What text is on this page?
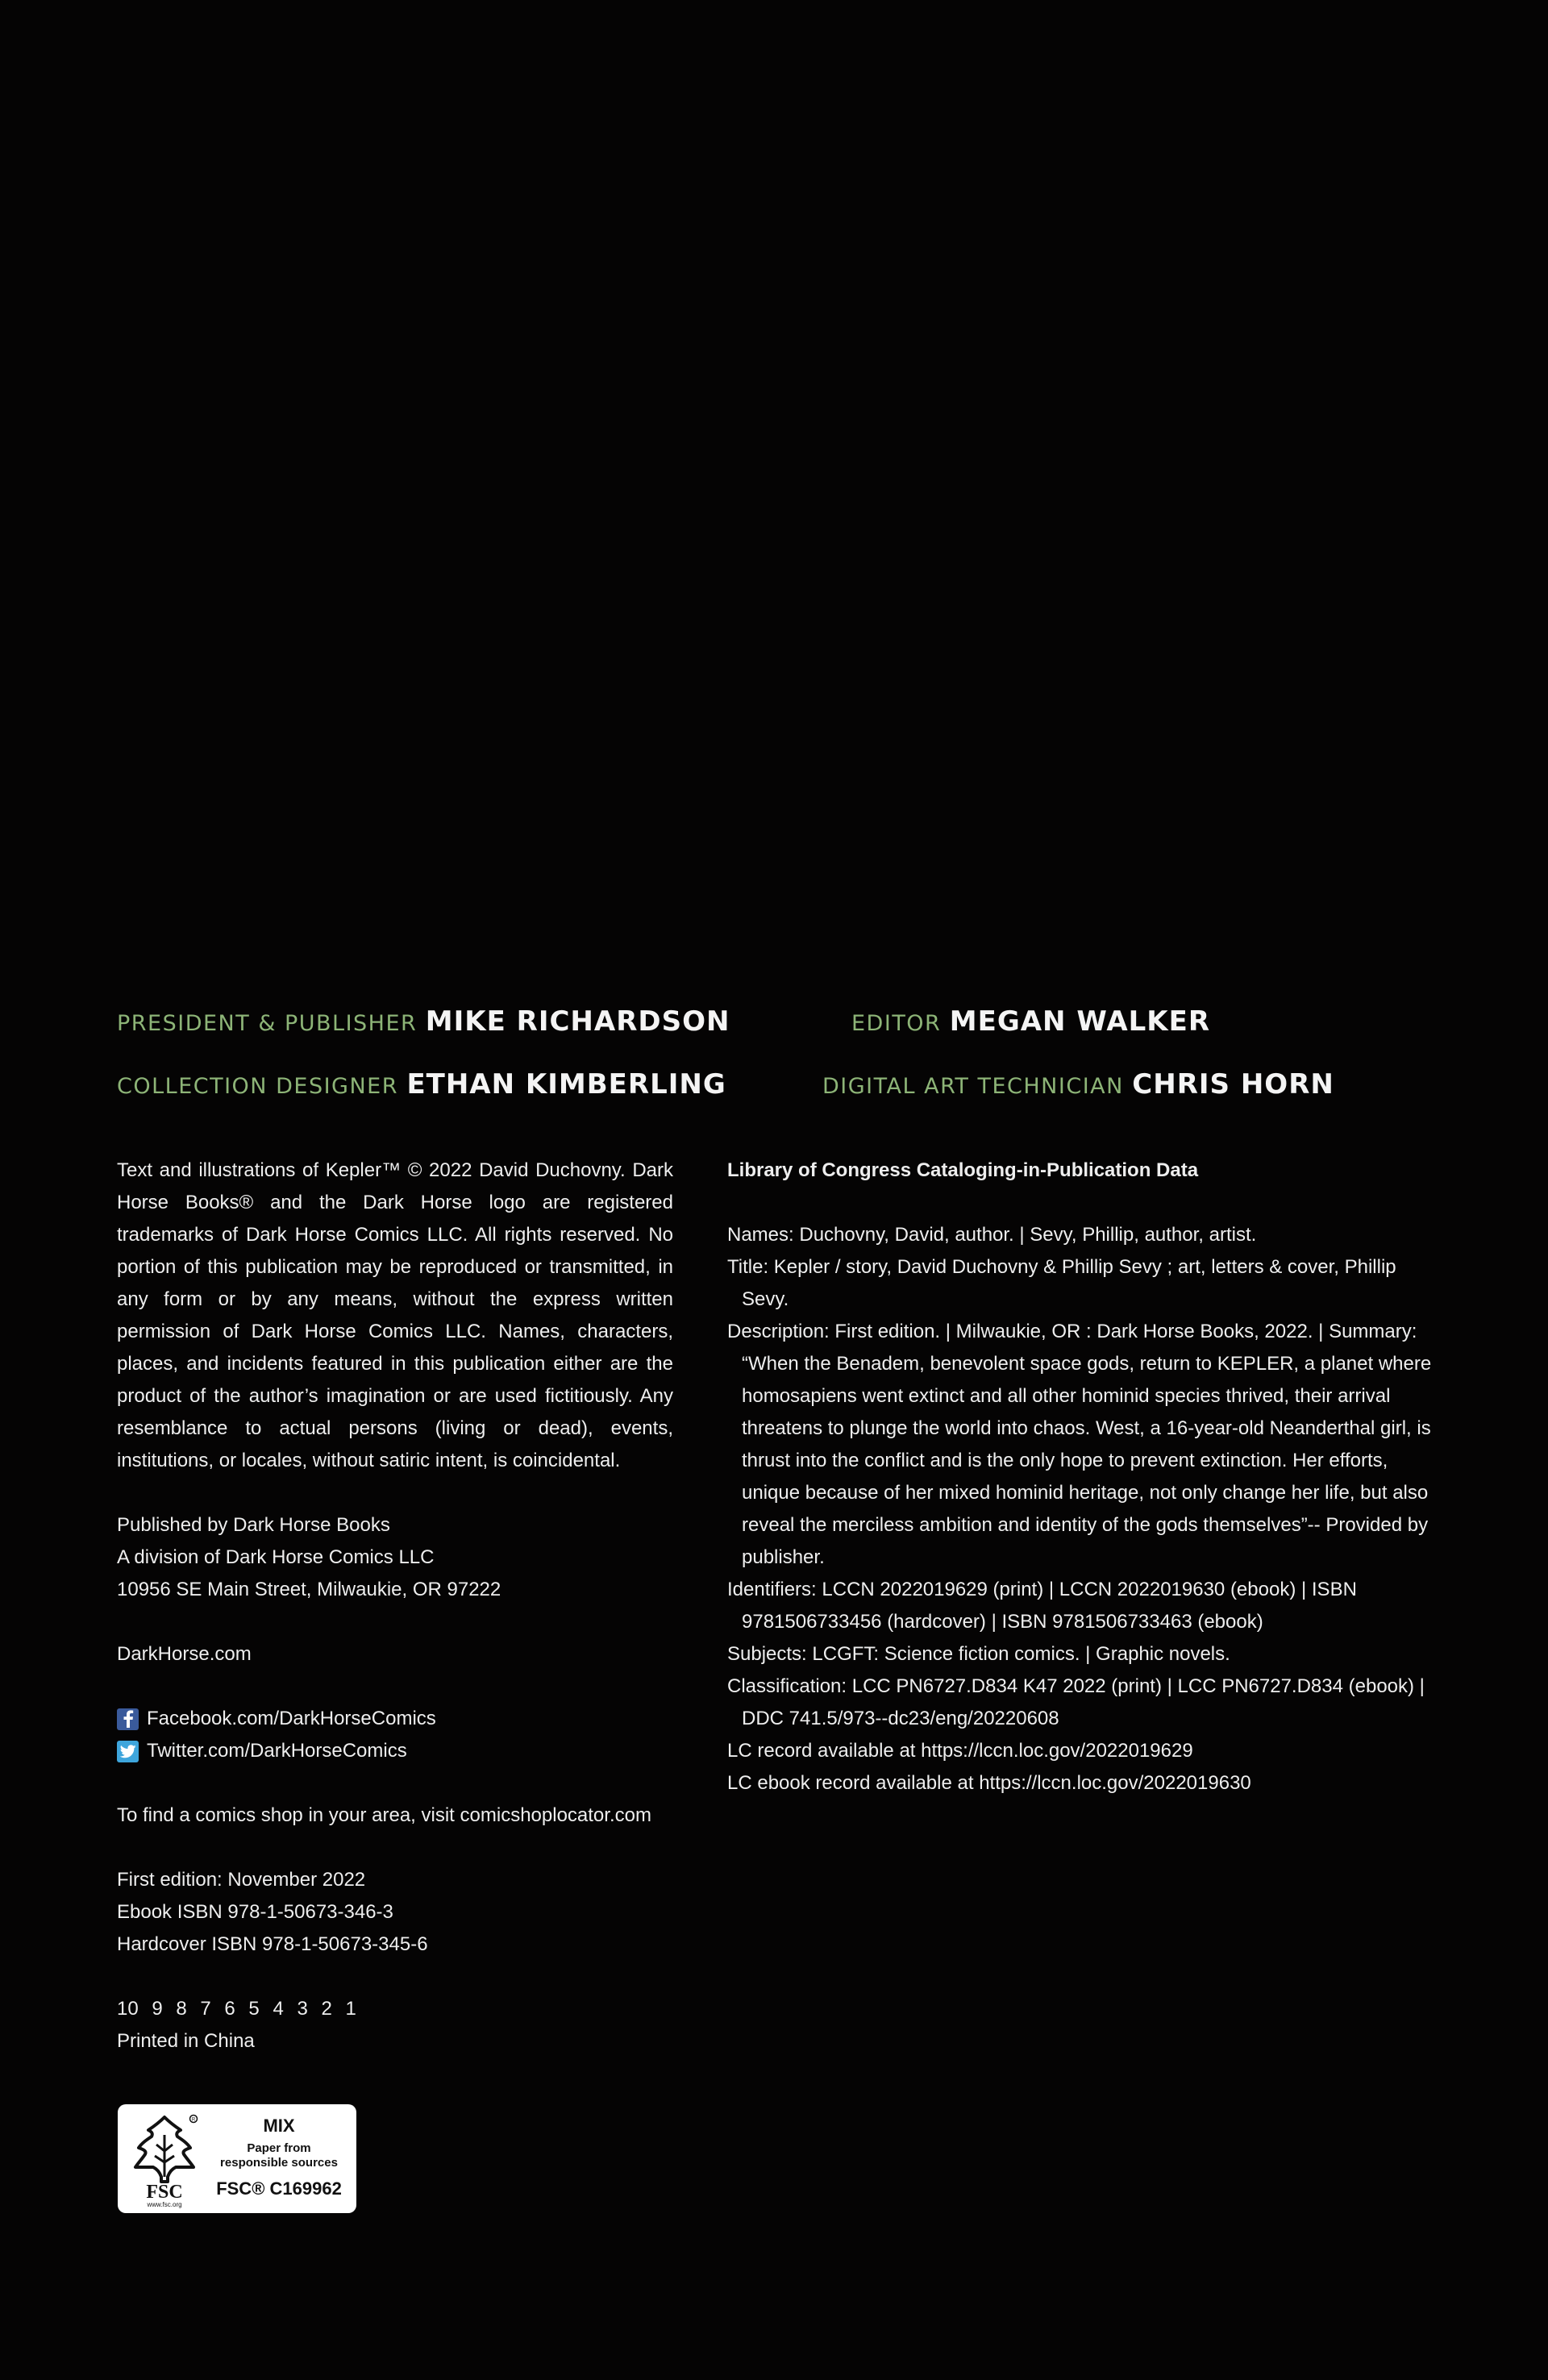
PRESIDENT & PUBLISHER MIKE RICHARDSON	EDITOR MEGAN WALKER
COLLECTION DESIGNER ETHAN KIMBERLING	DIGITAL ART TECHNICIAN CHRIS HORN

Text and illustrations of Kepler™ © 2022 David Duchovny. Dark Horse Books® and the Dark Horse logo are registered trademarks of Dark Horse Comics LLC. All rights reserved. No portion of this publication may be reproduced or transmitted, in any form or by any means, without the express written permission of Dark Horse Comics LLC. Names, characters, places, and incidents featured in this publication either are the product of the author’s imagination or are used fictitiously. Any resemblance to actual persons (living or dead), events, institutions, or locales, without satiric intent, is coincidental.

Published by Dark Horse Books
A division of Dark Horse Comics LLC
10956 SE Main Street, Milwaukie, OR 97222
DarkHorse.com
Facebook.com/DarkHorseComics
Twitter.com/DarkHorseComics
To find a comics shop in your area, visit comicshoplocator.com
First edition: November 2022
Ebook ISBN 978-1-50673-346-3
Hardcover ISBN 978-1-50673-345-6
10 9 8 7 6 5 4 3 2 1
Printed in China
R
FSC
www.fsc.org
MIX
Paper from
responsible sources
FSC® C169962
Library of Congress Cataloging-in-Publication Data
Names: Duchovny, David, author. | Sevy, Phillip, author, artist.
Title: Kepler / story, David Duchovny & Phillip Sevy ; art, letters & cover, Phillip Sevy.
Description: First edition. | Milwaukie, OR : Dark Horse Books, 2022. | Summary: “When the Benadem, benevolent space gods, return to KEPLER, a planet where homosapiens went extinct and all other hominid species thrived, their arrival threatens to plunge the world into chaos. West, a 16-year-old Neanderthal girl, is thrust into the conflict and is the only hope to prevent extinction. Her efforts, unique because of her mixed hominid heritage, not only change her life, but also reveal the merciless ambition and identity of the gods themselves”-- Provided by publisher.
Identifiers: LCCN 2022019629 (print) | LCCN 2022019630 (ebook) | ISBN 9781506733456 (hardcover) | ISBN 9781506733463 (ebook)
Subjects: LCGFT: Science fiction comics. | Graphic novels.
Classification: LCC PN6727.D834 K47 2022 (print) | LCC PN6727.D834 (ebook) | DDC 741.5/973--dc23/eng/20220608
LC record available at https://lccn.loc.gov/2022019629
LC ebook record available at https://lccn.loc.gov/2022019630
